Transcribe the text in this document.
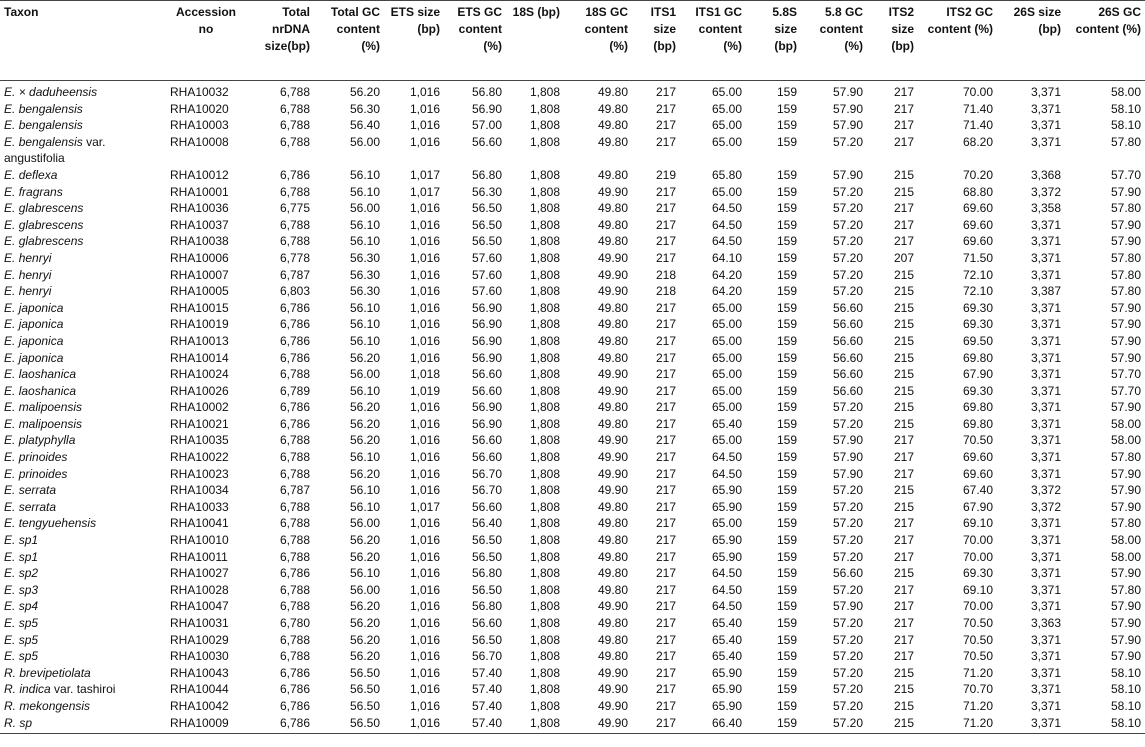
Taxon	Accession no	Total nrDNA size(bp)	Total GC content (%)	ETS size (bp)	ETS GC content (%)	18S (bp)	18S GC content (%)	ITS1 size (bp)	ITS1 GC content (%)	5.8S size (bp)	5.8 GC content (%)	ITS2 size (bp)	ITS2 GC content (%)	26S size (bp)	26S GC content (%)
E. × daduheensis	RHA10032	6,788	56.20	1,016	56.80	1,808	49.80	217	65.00	159	57.90	217	70.00	3,371	58.00
E. bengalensis	RHA10020	6,788	56.30	1,016	56.90	1,808	49.80	217	65.00	159	57.90	217	71.40	3,371	58.10
E. bengalensis	RHA10003	6,788	56.40	1,016	57.00	1,808	49.80	217	65.00	159	57.90	217	71.40	3,371	58.10
E. bengalensis var. angustifolia	RHA10008	6,788	56.00	1,016	56.60	1,808	49.80	217	65.00	159	57.20	217	68.20	3,371	57.80
E. deflexa	RHA10012	6,786	56.10	1,017	56.80	1,808	49.80	219	65.80	159	57.90	215	70.20	3,368	57.70
E. fragrans	RHA10001	6,788	56.10	1,017	56.30	1,808	49.90	217	65.00	159	57.20	215	68.80	3,372	57.90
E. glabrescens	RHA10036	6,775	56.00	1,016	56.50	1,808	49.80	217	64.50	159	57.20	217	69.60	3,358	57.80
E. glabrescens	RHA10037	6,788	56.10	1,016	56.50	1,808	49.80	217	64.50	159	57.20	217	69.60	3,371	57.90
E. glabrescens	RHA10038	6,788	56.10	1,016	56.50	1,808	49.80	217	64.50	159	57.20	217	69.60	3,371	57.90
E. henryi	RHA10006	6,778	56.30	1,016	57.60	1,808	49.90	217	64.10	159	57.20	207	71.50	3,371	57.80
E. henryi	RHA10007	6,787	56.30	1,016	57.60	1,808	49.90	218	64.20	159	57.20	215	72.10	3,371	57.80
E. henryi	RHA10005	6,803	56.30	1,016	57.60	1,808	49.90	218	64.20	159	57.20	215	72.10	3,387	57.80
E. japonica	RHA10015	6,786	56.10	1,016	56.90	1,808	49.80	217	65.00	159	56.60	215	69.30	3,371	57.90
E. japonica	RHA10019	6,786	56.10	1,016	56.90	1,808	49.80	217	65.00	159	56.60	215	69.30	3,371	57.90
E. japonica	RHA10013	6,786	56.10	1,016	56.90	1,808	49.80	217	65.00	159	56.60	215	69.50	3,371	57.90
E. japonica	RHA10014	6,786	56.20	1,016	56.90	1,808	49.80	217	65.00	159	56.60	215	69.80	3,371	57.90
E. laoshanica	RHA10024	6,788	56.00	1,018	56.60	1,808	49.90	217	65.00	159	56.60	215	67.90	3,371	57.70
E. laoshanica	RHA10026	6,789	56.10	1,019	56.60	1,808	49.90	217	65.00	159	56.60	215	69.30	3,371	57.70
E. malipoensis	RHA10002	6,786	56.20	1,016	56.90	1,808	49.80	217	65.00	159	57.20	215	69.80	3,371	57.90
E. malipoensis	RHA10021	6,786	56.20	1,016	56.90	1,808	49.80	217	65.40	159	57.20	215	69.80	3,371	58.00
E. platyphylla	RHA10035	6,788	56.20	1,016	56.60	1,808	49.90	217	65.00	159	57.90	217	70.50	3,371	58.00
E. prinoides	RHA10022	6,788	56.10	1,016	56.60	1,808	49.90	217	64.50	159	57.90	217	69.60	3,371	57.80
E. prinoides	RHA10023	6,788	56.20	1,016	56.70	1,808	49.90	217	64.50	159	57.90	217	69.60	3,371	57.90
E. serrata	RHA10034	6,787	56.10	1,016	56.70	1,808	49.90	217	65.90	159	57.20	215	67.40	3,372	57.90
E. serrata	RHA10033	6,788	56.10	1,017	56.60	1,808	49.80	217	65.90	159	57.20	215	67.90	3,372	57.90
E. tengyuehensis	RHA10041	6,788	56.00	1,016	56.40	1,808	49.80	217	65.00	159	57.20	217	69.10	3,371	57.80
E. sp1	RHA10010	6,788	56.20	1,016	56.50	1,808	49.80	217	65.90	159	57.20	217	70.00	3,371	58.00
E. sp1	RHA10011	6,788	56.20	1,016	56.50	1,808	49.80	217	65.90	159	57.20	217	70.00	3,371	58.00
E. sp2	RHA10027	6,786	56.10	1,016	56.80	1,808	49.80	217	64.50	159	56.60	215	69.30	3,371	57.90
E. sp3	RHA10028	6,788	56.00	1,016	56.50	1,808	49.80	217	64.50	159	57.20	217	69.10	3,371	57.80
E. sp4	RHA10047	6,788	56.20	1,016	56.80	1,808	49.90	217	64.50	159	57.90	217	70.00	3,371	57.90
E. sp5	RHA10031	6,780	56.20	1,016	56.60	1,808	49.80	217	65.40	159	57.20	217	70.50	3,363	57.90
E. sp5	RHA10029	6,788	56.20	1,016	56.50	1,808	49.80	217	65.40	159	57.20	217	70.50	3,371	57.90
E. sp5	RHA10030	6,788	56.20	1,016	56.70	1,808	49.80	217	65.40	159	57.20	217	70.50	3,371	57.90
R. brevipetiolata	RHA10043	6,786	56.50	1,016	57.40	1,808	49.90	217	65.90	159	57.20	215	71.20	3,371	58.10
R. indica var. tashiroi	RHA10044	6,786	56.50	1,016	57.40	1,808	49.90	217	65.90	159	57.20	215	70.70	3,371	58.10
R. mekongensis	RHA10042	6,786	56.50	1,016	57.40	1,808	49.90	217	65.90	159	57.20	215	71.20	3,371	58.10
R. sp	RHA10009	6,786	56.50	1,016	57.40	1,808	49.90	217	66.40	159	57.20	215	71.20	3,371	58.10
